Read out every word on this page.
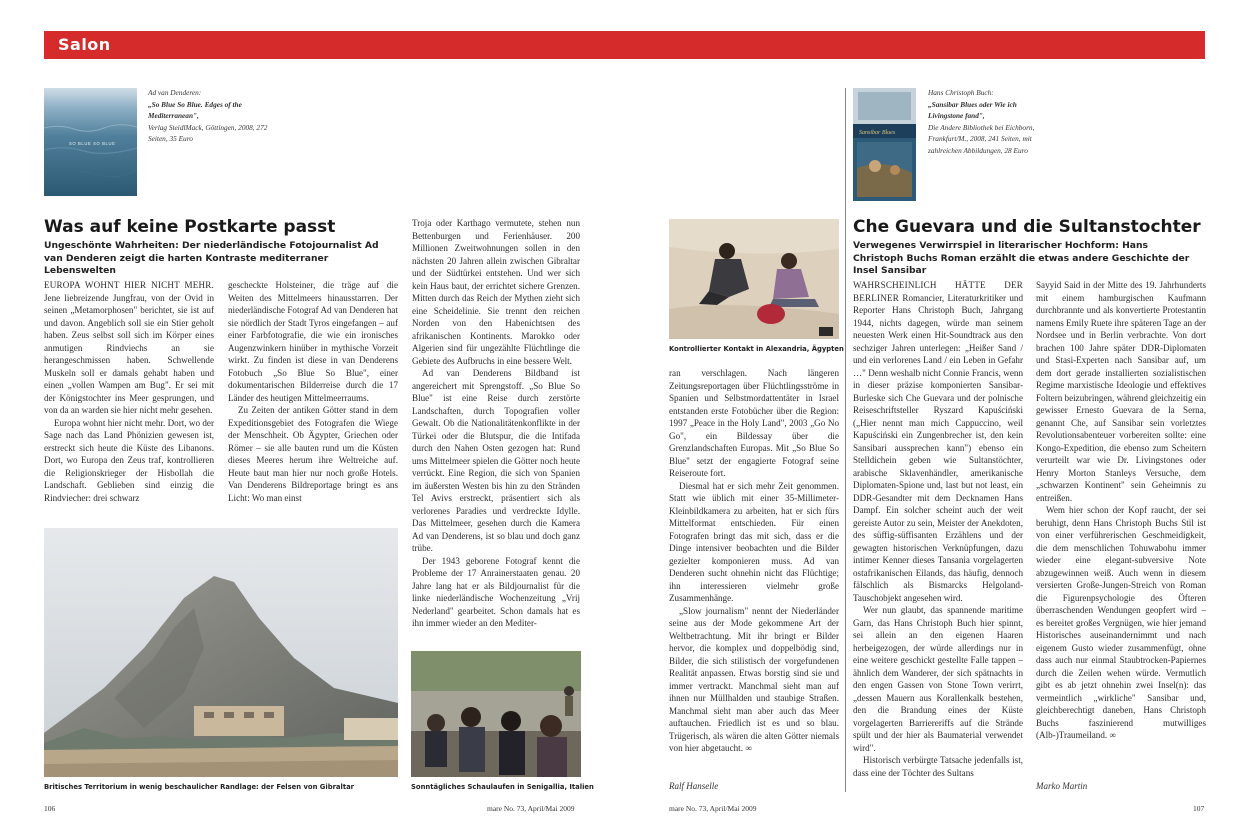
Salon
SO BLUE SO BLUE
Ad van Denderen:
„So Blue So Blue. Edges of the Mediterranean",
Verlag SteidlMack, Göttingen, 2008, 272 Seiten, 35 Euro
Was auf keine Postkarte passt
Ungeschönte Wahrheiten: Der niederländische Fotojournalist Ad van Denderen zeigt die harten Kontraste mediterraner Lebenswelten

EUROPA WOHNT HIER NICHT MEHR. Jene liebreizende Jungfrau, von der Ovid in seinen „Metamorphosen" berichtet, sie ist auf und davon. Angeblich soll sie ein Stier geholt haben. Zeus selbst soll sich im Körper eines anmutigen Rindviechs an sie herangeschmissen haben. Schwellende Muskeln soll er damals gehabt haben und einen „vollen Wampen am Bug". Er sei mit der Königstochter ins Meer gesprungen, und von da an warden sie hier nicht mehr gesehen.

Europa wohnt hier nicht mehr. Dort, wo der Sage nach das Land Phönizien gewesen ist, erstreckt sich heute die Küste des Libanons. Dort, wo Europa den Zeus traf, kontrollieren die Religionskrieger der Hisbollah die Landschaft. Geblieben sind einzig die Rindviecher: drei schwarz

gescheckte Holsteiner, die träge auf die Weiten des Mittelmeers hinausstarren. Der niederländische Fotograf Ad van Denderen hat sie nördlich der Stadt Tyros eingefangen – auf einer Farbfotografie, die wie ein ironisches Augenzwinkern hinüber in mythische Vorzeit wirkt. Zu finden ist diese in van Denderens Fotobuch „So Blue So Blue", einer dokumentarischen Bilderreise durch die 17 Länder des heutigen Mittelmeerraums.

Zu Zeiten der antiken Götter stand in dem Expeditionsgebiet des Fotografen die Wiege der Menschheit. Ob Ägypter, Griechen oder Römer – sie alle bauten rund um die Küsten dieses Meeres herum ihre Weltreiche auf. Heute baut man hier nur noch große Hotels. Van Denderens Bildreportage bringt es ans Licht: Wo man einst

Troja oder Karthago vermutete, stehen nun Bettenburgen und Ferienhäuser. 200 Millionen Zweitwohnungen sollen in den nächsten 20 Jahren allein zwischen Gibraltar und der Südtürkei entstehen. Und wer sich kein Haus baut, der errichtet sichere Grenzen. Mitten durch das Reich der Mythen zieht sich eine Scheidelinie. Sie trennt den reichen Norden von den Habenichtsen des afrikanischen Kontinents. Marokko oder Algerien sind für ungezählte Flüchtlinge die Gebiete des Aufbruchs in eine bessere Welt.

Ad van Denderens Bildband ist angereichert mit Sprengstoff. „So Blue So Blue" ist eine Reise durch zerstörte Landschaften, durch Topografien voller Gewalt. Ob die Nationalitätenkonflikte in der Türkei oder die Blutspur, die die Intifada durch den Nahen Osten gezogen hat: Rund ums Mittelmeer spielen die Götter noch heute verrückt. Eine Region, die sich von Spanien im äußersten Westen bis hin zu den Stränden Tel Avivs erstreckt, präsentiert sich als verlorenes Paradies und verdreckte Idylle. Das Mittelmeer, gesehen durch die Kamera Ad van Denderens, ist so blau und doch ganz trübe.

Der 1943 geborene Fotograf kennt die Probleme der 17 Anrainerstaaten genau. 20 Jahre lang hat er als Bildjournalist für die linke niederländische Wochenzeitung „Vrij Nederland" gearbeitet. Schon damals hat es ihn immer wieder an den Mediter-

Britisches Territorium in wenig beschaulicher Randlage: der Felsen von Gibraltar	Sonntägliches Schaulaufen in Senigallia, Italien
106	mare No. 73, April/Mai 2009
Kontrollierter Kontakt in Alexandria, Ägypten

ran verschlagen. Nach längeren Zeitungsreportagen über Flüchtlingsströme in Spanien und Selbstmordattentäter in Israel entstanden erste Fotobücher über die Region: 1997 „Peace in the Holy Land", 2003 „Go No Go", ein Bildessay über die Grenzlandschaften Europas. Mit „So Blue So Blue" setzt der engagierte Fotograf seine Reiseroute fort.

Diesmal hat er sich mehr Zeit genommen. Statt wie üblich mit einer 35-Millimeter-Kleinbildkamera zu arbeiten, hat er sich fürs Mittelformat entschieden. Für einen Fotografen bringt das mit sich, dass er die Dinge intensiver beobachten und die Bilder gezielter komponieren muss. Ad van Denderen sucht ohnehin nicht das Flüchtige; ihn interessieren vielmehr große Zusammenhänge.

„Slow journalism" nennt der Niederländer seine aus der Mode gekommene Art der Weltbetrachtung. Mit ihr bringt er Bilder hervor, die komplex und doppelbödig sind, Bilder, die sich stilistisch der vorgefundenen Realität anpassen. Etwas borstig sind sie und immer vertrackt. Manchmal sieht man auf ihnen nur Müllhalden und staubige Straßen. Manchmal sieht man aber auch das Meer auftauchen. Friedlich ist es und so blau. Trügerisch, als wären die alten Götter niemals von hier abgetaucht. ∞

Ralf Hanselle
Sansibar Blues
Hans Christoph Buch:
„Sansibar Blues oder Wie ich Livingstone fand",
Die Andere Bibliothek bei Eichborn, Frankfurt/M., 2008, 241 Seiten, mit zahlreichen Abbildungen, 28 Euro
Che Guevara und die Sultanstochter
Verwegenes Verwirrspiel in literarischer Hochform: Hans Christoph Buchs Roman erzählt die etwas andere Geschichte der Insel Sansibar

WAHRSCHEINLICH HÄTTE DER BERLINER Romancier, Literaturkritiker und Reporter Hans Christoph Buch, Jahrgang 1944, nichts dagegen, würde man seinem neuesten Werk einen Hit-Soundtrack aus den sechziger Jahren unterlegen: „Heißer Sand / und ein verlorenes Land / ein Leben in Gefahr …" Denn weshalb nicht Connie Francis, wenn in dieser präzise komponierten Sansibar-Burleske sich Che Guevara und der polnische Reiseschriftsteller Ryszard Kapuściński („Hier nennt man mich Cappuccino, weil Kapuściński ein Zungenbrecher ist, den kein Sansibari aussprechen kann") ebenso ein Stelldichein geben wie Sultanstöchter, arabische Sklavenhändler, amerikanische Diplomaten-Spione und, last but not least, ein DDR-Gesandter mit dem Decknamen Hans Dampf. Ein solcher scheint auch der weit gereiste Autor zu sein, Meister der Anekdoten, des süffig-süffisanten Erzählens und der gewagten historischen Verknüpfungen, dazu intimer Kenner dieses Tansania vorgelagerten ostafrikanischen Eilands, das häufig, dennoch fälschlich als Bismarcks Helgoland-Tauschobjekt angesehen wird.

Wer nun glaubt, das spannende maritime Garn, das Hans Christoph Buch hier spinnt, sei allein an den eigenen Haaren herbeigezogen, der würde allerdings nur in eine weitere geschickt gestellte Falle tappen – ähnlich dem Wanderer, der sich spätnachts in den engen Gassen von Stone Town verirrt, „dessen Mauern aus Korallenkalk bestehen, den die Brandung eines der Küste vorgelagerten Barriereriffs auf die Strände spült und der hier als Baumaterial verwendet wird".

Historisch verbürgte Tatsache jedenfalls ist, dass eine der Töchter des Sultans

Sayyid Said in der Mitte des 19. Jahrhunderts mit einem hamburgischen Kaufmann durchbrannte und als konvertierte Protestantin namens Emily Ruete ihre späteren Tage an der Nordsee und in Berlin verbrachte. Von dort brachen 100 Jahre später DDR-Diplomaten und Stasi-Experten nach Sansibar auf, um dem dort gerade installierten sozialistischen Regime marxistische Ideologie und effektives Foltern beizubringen, während gleichzeitig ein gewisser Ernesto Guevara de la Serna, genannt Che, auf Sansibar sein vorletztes Revolutionsabenteuer vorbereiten sollte: eine Kongo-Expedition, die ebenso zum Scheitern verurteilt war wie Dr. Livingstones oder Henry Morton Stanleys Versuche, dem „schwarzen Kontinent" sein Geheimnis zu entreißen.

Wem hier schon der Kopf raucht, der sei beruhigt, denn Hans Christoph Buchs Stil ist von einer verführerischen Geschmeidigkeit, die dem menschlichen Tohuwabohu immer wieder eine elegant-subversive Note abzugewinnen weiß. Auch wenn in diesem versierten Große-Jungen-Streich von Roman die Figurenpsychologie des Öfteren überraschenden Wendungen geopfert wird – es bereitet großes Vergnügen, wie hier jemand Historisches auseinandernimmt und nach eigenem Gusto wieder zusammenfügt, ohne dass auch nur einmal Staubtrocken-Papiernes durch die Zeilen wehen würde. Vermutlich gibt es ab jetzt ohnehin zwei Insel(n): das vermeintlich „wirkliche" Sansibar und, gleichberechtigt daneben, Hans Christoph Buchs faszinierend mutwilliges (Alb-)Traumeiland. ∞

Marko Martin
mare No. 73, April/Mai 2009	107
